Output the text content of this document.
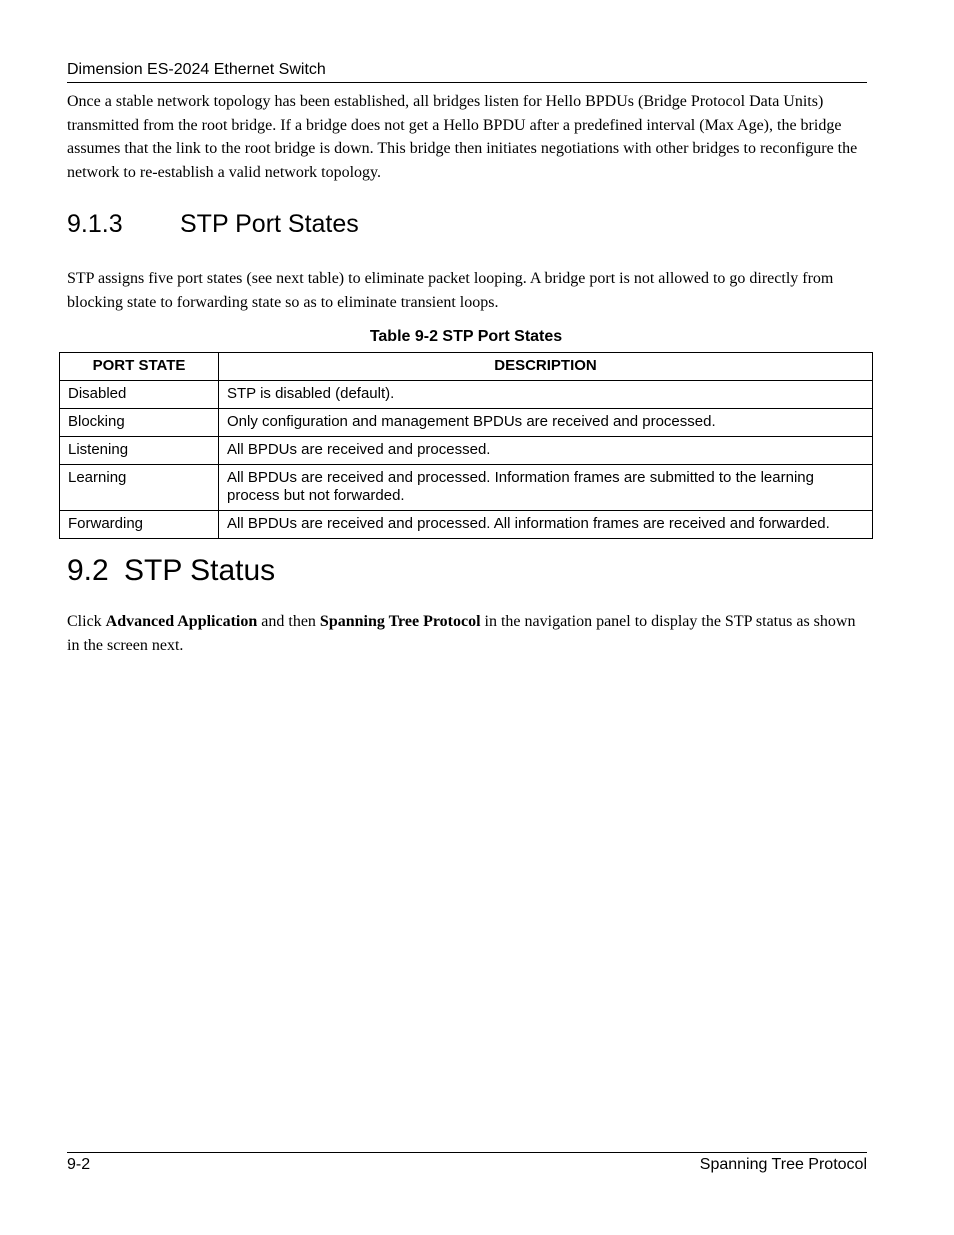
Dimension ES-2024 Ethernet Switch

Once a stable network topology has been established, all bridges listen for Hello BPDUs (Bridge Protocol Data Units) transmitted from the root bridge. If a bridge does not get a Hello BPDU after a predefined interval (Max Age), the bridge assumes that the link to the root bridge is down. This bridge then initiates negotiations with other bridges to reconfigure the network to re-establish a valid network topology.

9.1.3 STP Port States

STP assigns five port states (see next table) to eliminate packet looping. A bridge port is not allowed to go directly from blocking state to forwarding state so as to eliminate transient loops.

Table 9-2 STP Port States
PORT STATE	DESCRIPTION
Disabled	STP is disabled (default).
Blocking	Only configuration and management BPDUs are received and processed.
Listening	All BPDUs are received and processed.
Learning	All BPDUs are received and processed. Information frames are submitted to the learning process but not forwarded.
Forwarding	All BPDUs are received and processed. All information frames are received and forwarded.
9.2 STP Status

Click Advanced Application and then Spanning Tree Protocol in the navigation panel to display the STP status as shown in the screen next.

9-2	Spanning Tree Protocol
